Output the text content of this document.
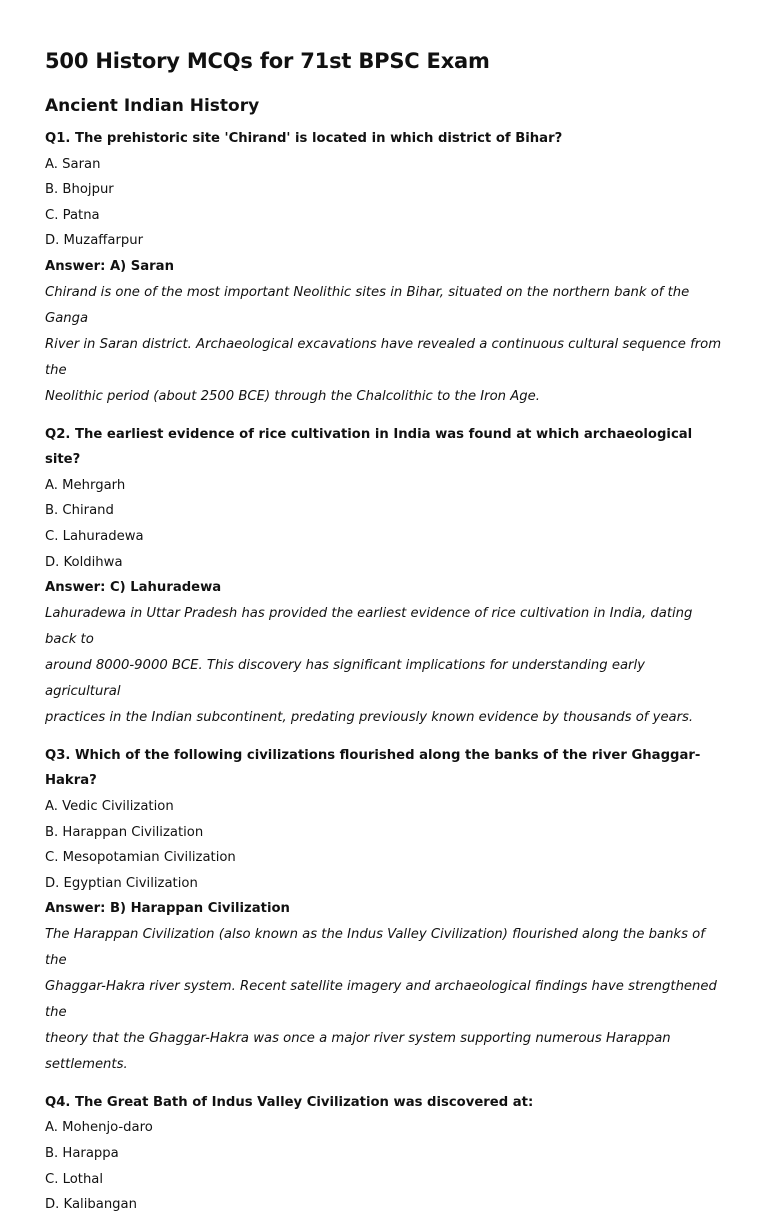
500 History MCQs for 71st BPSC Exam
Ancient Indian History

Q1. The prehistoric site 'Chirand' is located in which district of Bihar?

A. Saran

B. Bhojpur

C. Patna

D. Muzaffarpur

Answer: A) Saran

Chirand is one of the most important Neolithic sites in Bihar, situated on the northern bank of the Ganga

River in Saran district. Archaeological excavations have revealed a continuous cultural sequence from the

Neolithic period (about 2500 BCE) through the Chalcolithic to the Iron Age.

Q2. The earliest evidence of rice cultivation in India was found at which archaeological site?

A. Mehrgarh

B. Chirand

C. Lahuradewa

D. Koldihwa

Answer: C) Lahuradewa

Lahuradewa in Uttar Pradesh has provided the earliest evidence of rice cultivation in India, dating back to

around 8000-9000 BCE. This discovery has significant implications for understanding early agricultural

practices in the Indian subcontinent, predating previously known evidence by thousands of years.

Q3. Which of the following civilizations flourished along the banks of the river Ghaggar-Hakra?

A. Vedic Civilization

B. Harappan Civilization

C. Mesopotamian Civilization

D. Egyptian Civilization

Answer: B) Harappan Civilization

The Harappan Civilization (also known as the Indus Valley Civilization) flourished along the banks of the

Ghaggar-Hakra river system. Recent satellite imagery and archaeological findings have strengthened the

theory that the Ghaggar-Hakra was once a major river system supporting numerous Harappan settlements.

Q4. The Great Bath of Indus Valley Civilization was discovered at:

A. Mohenjo-daro

B. Harappa

C. Lothal

D. Kalibangan
